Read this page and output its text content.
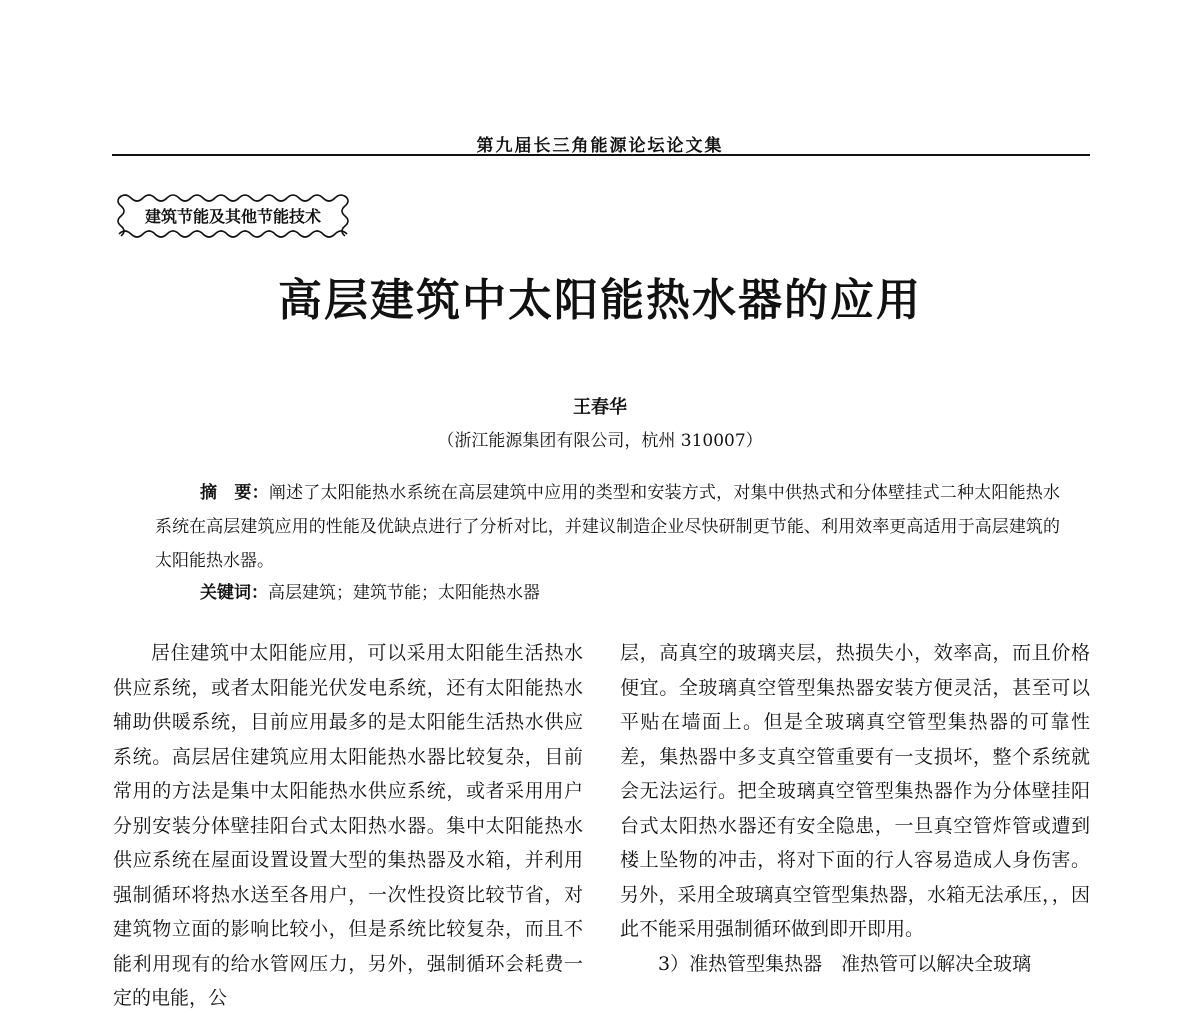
第九届长三角能源论坛论文集
建筑节能及其他节能技术
高层建筑中太阳能热水器的应用
王春华
（浙江能源集团有限公司，杭州 310007）
摘　要：阐述了太阳能热水系统在高层建筑中应用的类型和安装方式，对集中供热式和分体壁挂式二种太阳能热水系统在高层建筑应用的性能及优缺点进行了分析对比，并建议制造企业尽快研制更节能、利用效率更高适用于高层建筑的太阳能热水器。
关键词：高层建筑；建筑节能；太阳能热水器

居住建筑中太阳能应用，可以采用太阳能生活热水供应系统，或者太阳能光伏发电系统，还有太阳能热水辅助供暖系统，目前应用最多的是太阳能生活热水供应系统。高层居住建筑应用太阳能热水器比较复杂，目前常用的方法是集中太阳能热水供应系统，或者采用用户分别安装分体壁挂阳台式太阳热水器。集中太阳能热水供应系统在屋面设置设置大型的集热器及水箱，并利用强制循环将热水送至各用户，一次性投资比较节省，对建筑物立面的影响比较小，但是系统比较复杂，而且不能利用现有的给水管网压力，另外，强制循环会耗费一定的电能，公

层，高真空的玻璃夹层，热损失小，效率高，而且价格便宜。全玻璃真空管型集热器安装方便灵活，甚至可以平贴在墙面上。但是全玻璃真空管型集热器的可靠性差，集热器中多支真空管重要有一支损坏，整个系统就会无法运行。把全玻璃真空管型集热器作为分体壁挂阳台式太阳热水器还有安全隐患，一旦真空管炸管或遭到楼上坠物的冲击，将对下面的行人容易造成人身伤害。另外，采用全玻璃真空管型集热器，水箱无法承压，，因此不能采用强制循环做到即开即用。

3）准热管型集热器　准热管可以解决全玻璃
